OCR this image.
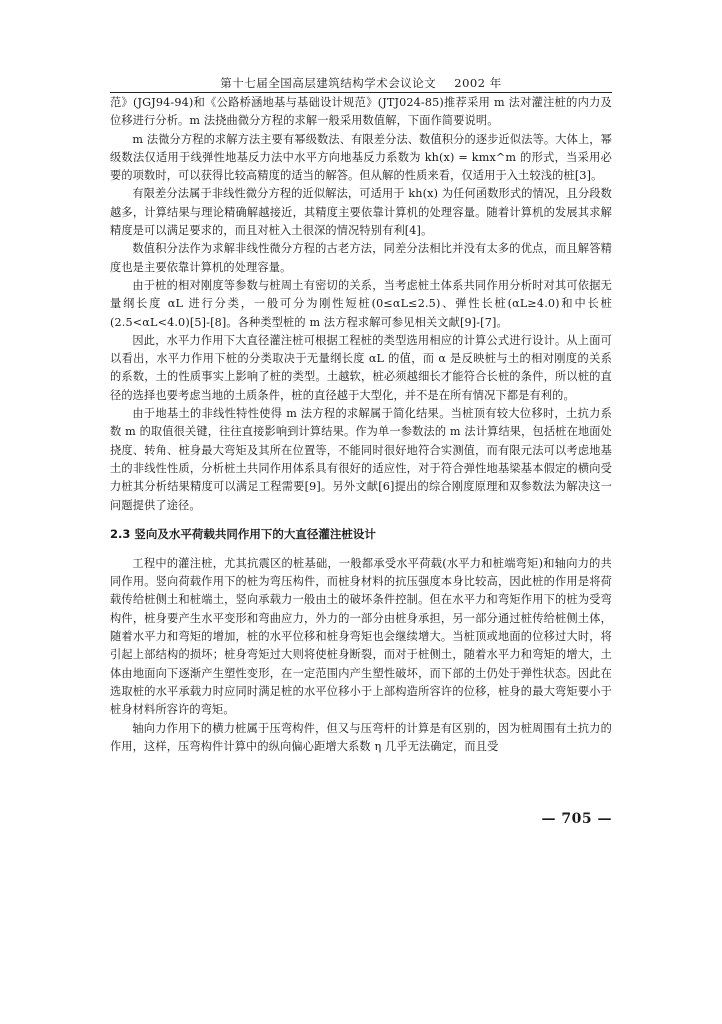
第十七届全国高层建筑结构学术会议论文 2002 年

范》(JGJ94-94)和《公路桥涵地基与基础设计规范》(JTJ024-85)推荐采用 m 法对灌注桩的内力及位移进行分析。m 法挠曲微分方程的求解一般采用数值解，下面作简要说明。

m 法微分方程的求解方法主要有幂级数法、有限差分法、数值积分的逐步近似法等。大体上，幂级数法仅适用于线弹性地基反力法中水平方向地基反力系数为 kh(x) = kmx^m 的形式，当采用必要的项数时，可以获得比较高精度的适当的解答。但从解的性质来看，仅适用于入土较浅的桩[3]。

有限差分法属于非线性微分方程的近似解法，可适用于 kh(x) 为任何函数形式的情况，且分段数越多，计算结果与理论精确解越接近，其精度主要依靠计算机的处理容量。随着计算机的发展其求解精度是可以满足要求的，而且对桩入土很深的情况特别有利[4]。

数值积分法作为求解非线性微分方程的古老方法，同差分法相比并没有太多的优点，而且解答精度也是主要依靠计算机的处理容量。

由于桩的相对刚度等参数与桩周土有密切的关系，当考虑桩土体系共同作用分析时对其可依据无量纲长度 αL 进行分类，一般可分为刚性短桩(0≤αL≤2.5)、弹性长桩(αL≥4.0)和中长桩(2.5<αL<4.0)[5]-[8]。各种类型桩的 m 法方程求解可参见相关文献[9]-[7]。

因此，水平力作用下大直径灌注桩可根据工程桩的类型选用相应的计算公式进行设计。从上面可以看出，水平力作用下桩的分类取决于无量纲长度 αL 的值，而 α 是反映桩与土的相对刚度的关系的系数，土的性质事实上影响了桩的类型。土越软，桩必须越细长才能符合长桩的条件，所以桩的直径的选择也要考虑当地的土质条件，桩的直径越于大型化，并不是在所有情况下都是有利的。

由于地基土的非线性特性使得 m 法方程的求解属于简化结果。当桩顶有较大位移时，土抗力系数 m 的取值很关键，往往直接影响到计算结果。作为单一参数法的 m 法计算结果，包括桩在地面处挠度、转角、桩身最大弯矩及其所在位置等，不能同时很好地符合实测值，而有限元法可以考虑地基土的非线性性质，分析桩土共同作用体系具有很好的适应性，对于符合弹性地基梁基本假定的横向受力桩其分析结果精度可以满足工程需要[9]。另外文献[6]提出的综合刚度原理和双参数法为解决这一问题提供了途径。

2.3 竖向及水平荷载共同作用下的大直径灌注桩设计

工程中的灌注桩，尤其抗震区的桩基础，一般都承受水平荷载(水平力和桩端弯矩)和轴向力的共同作用。竖向荷载作用下的桩为弯压构件，而桩身材料的抗压强度本身比较高，因此桩的作用是将荷载传给桩侧土和桩端土，竖向承载力一般由土的破坏条件控制。但在水平力和弯矩作用下的桩为受弯构件，桩身要产生水平变形和弯曲应力，外力的一部分由桩身承担，另一部分通过桩传给桩侧土体，随着水平力和弯矩的增加，桩的水平位移和桩身弯矩也会继续增大。当桩顶或地面的位移过大时，将引起上部结构的损坏；桩身弯矩过大则将使桩身断裂，而对于桩侧土，随着水平力和弯矩的增大，土体由地面向下逐渐产生塑性变形，在一定范围内产生塑性破坏，而下部的土仍处于弹性状态。因此在选取桩的水平承载力时应同时满足桩的水平位移小于上部构造所容许的位移，桩身的最大弯矩要小于桩身材料所容许的弯矩。

轴向力作用下的横力桩属于压弯构件，但又与压弯杆的计算是有区别的，因为桩周围有土抗力的作用，这样，压弯构件计算中的纵向偏心距增大系数 η 几乎无法确定，而且受

— 705 —
